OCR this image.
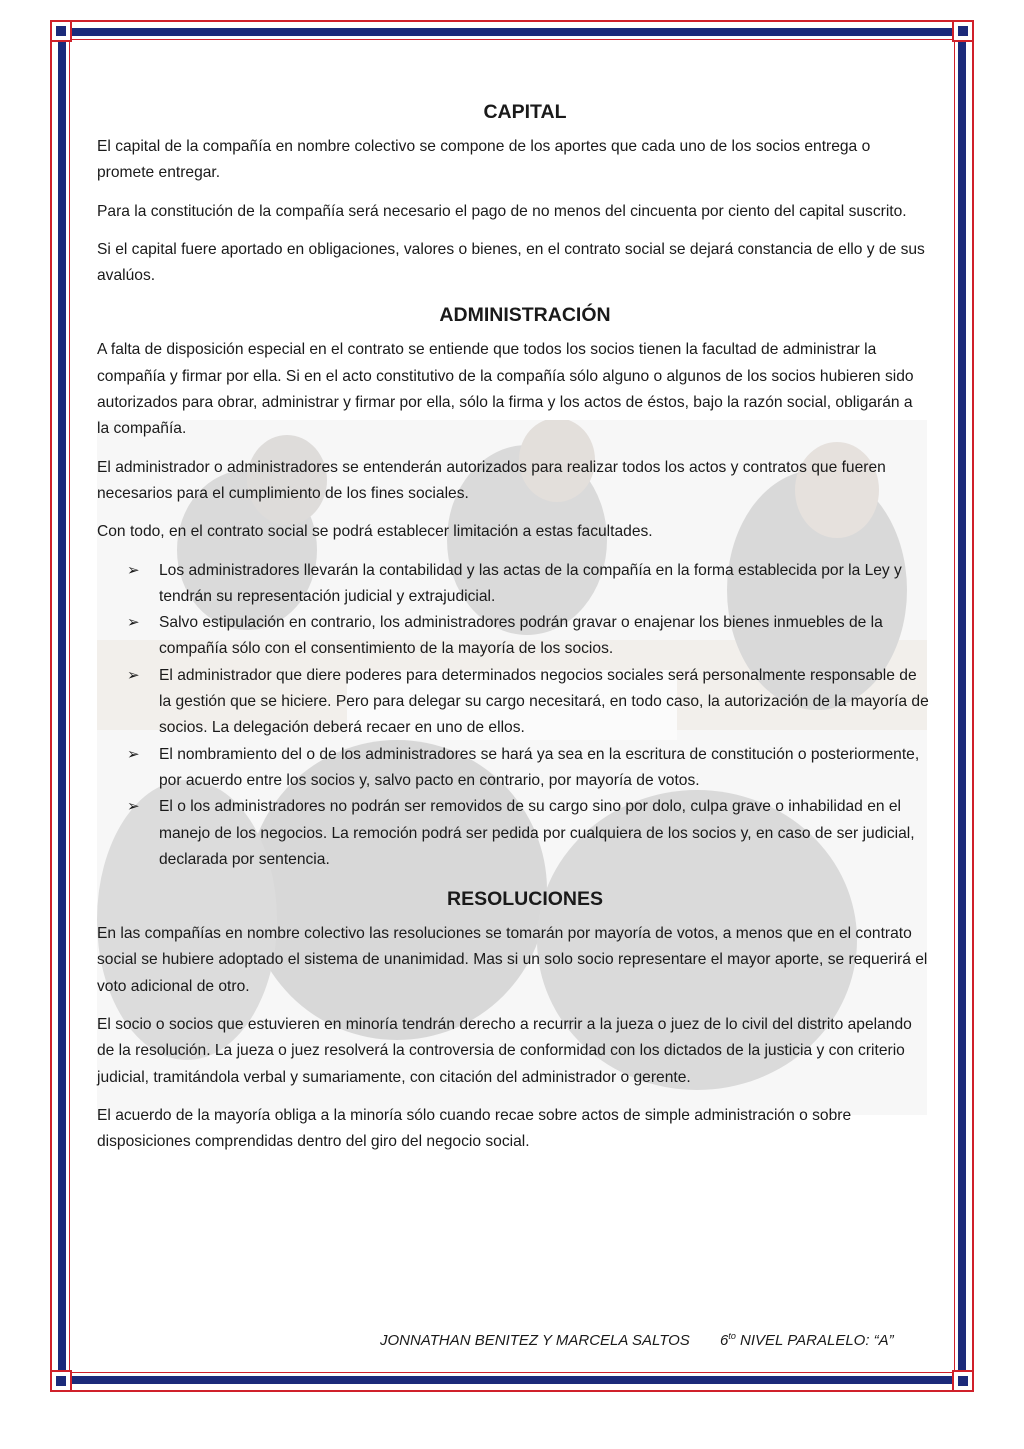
CAPITAL

El capital de la compañía en nombre colectivo se compone de los aportes que cada uno de los socios entrega o promete entregar.

Para la constitución de la compañía será necesario el pago de no menos del cincuenta por ciento del capital suscrito.

Si el capital fuere aportado en obligaciones, valores o bienes, en el contrato social se dejará constancia de ello y de sus avalúos.

ADMINISTRACIÓN

A falta de disposición especial en el contrato se entiende que todos los socios tienen la facultad de administrar la compañía y firmar por ella. Si en el acto constitutivo de la compañía sólo alguno o algunos de los socios hubieren sido autorizados para obrar, administrar y firmar por ella, sólo la firma y los actos de éstos, bajo la razón social, obligarán a la compañía.

El administrador o administradores se entenderán autorizados para realizar todos los actos y contratos que fueren necesarios para el cumplimiento de los fines sociales.

Con todo, en el contrato social se podrá establecer limitación a estas facultades.

➢ Los administradores llevarán la contabilidad y las actas de la compañía en la forma establecida por la Ley y tendrán su representación judicial y extrajudicial.
➢ Salvo estipulación en contrario, los administradores podrán gravar o enajenar los bienes inmuebles de la compañía sólo con el consentimiento de la mayoría de los socios.
➢ El administrador que diere poderes para determinados negocios sociales será personalmente responsable de la gestión que se hiciere. Pero para delegar su cargo necesitará, en todo caso, la autorización de la mayoría de socios. La delegación deberá recaer en uno de ellos.
➢ El nombramiento del o de los administradores se hará ya sea en la escritura de constitución o posteriormente, por acuerdo entre los socios y, salvo pacto en contrario, por mayoría de votos.
➢ El o los administradores no podrán ser removidos de su cargo sino por dolo, culpa grave o inhabilidad en el manejo de los negocios. La remoción podrá ser pedida por cualquiera de los socios y, en caso de ser judicial, declarada por sentencia.
RESOLUCIONES

En las compañías en nombre colectivo las resoluciones se tomarán por mayoría de votos, a menos que en el contrato social se hubiere adoptado el sistema de unanimidad. Mas si un solo socio representare el mayor aporte, se requerirá el voto adicional de otro.

El socio o socios que estuvieren en minoría tendrán derecho a recurrir a la jueza o juez de lo civil del distrito apelando de la resolución. La jueza o juez resolverá la controversia de conformidad con los dictados de la justicia y con criterio judicial, tramitándola verbal y sumariamente, con citación del administrador o gerente.

El acuerdo de la mayoría obliga a la minoría sólo cuando recae sobre actos de simple administración o sobre disposiciones comprendidas dentro del giro del negocio social.

JONNATHAN BENITEZ Y MARCELA SALTOS $6^{to}$ NIVEL PARALELO: “A”
